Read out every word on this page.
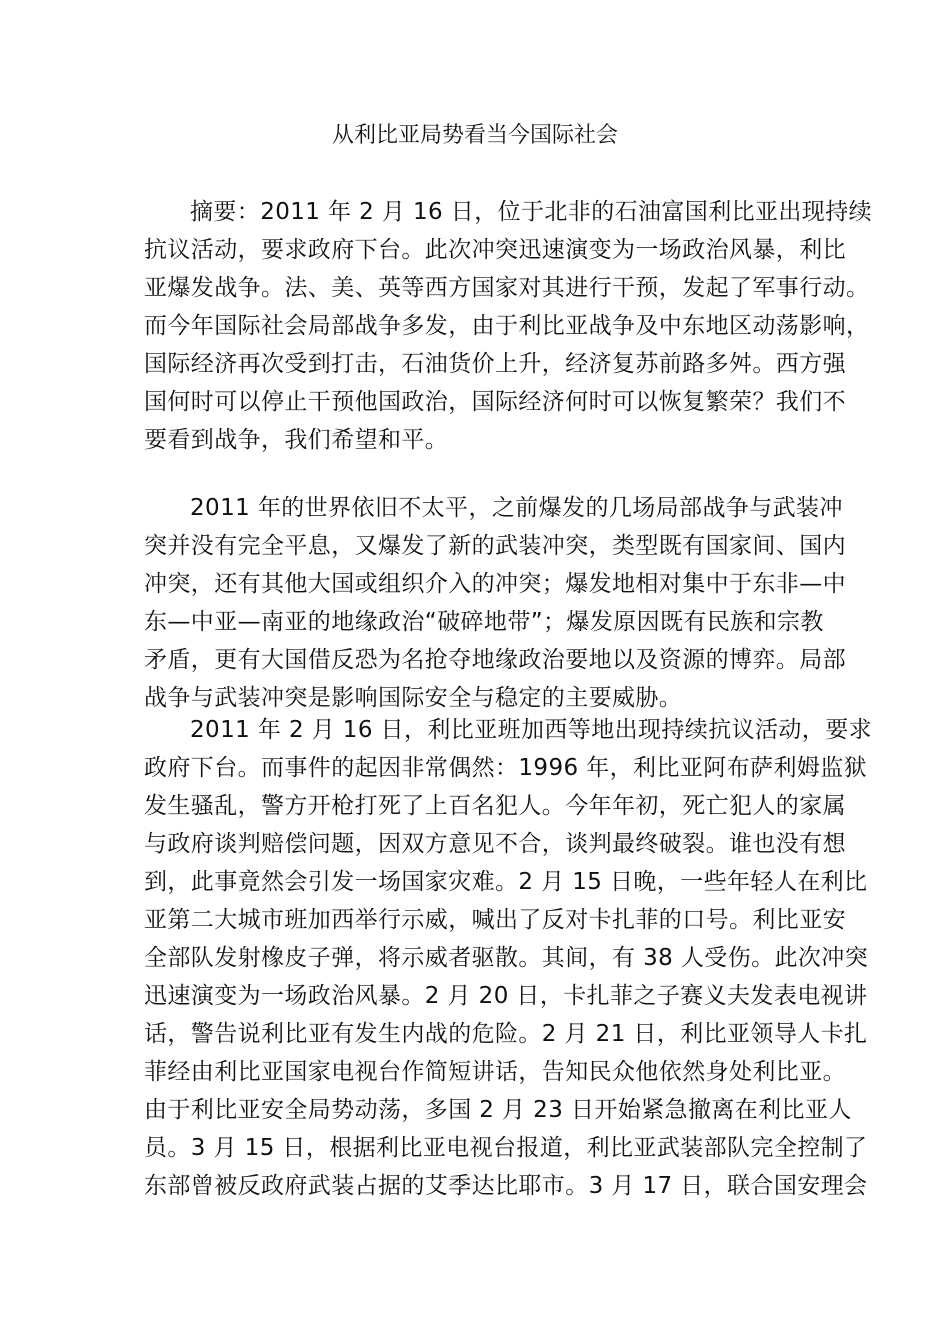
从利比亚局势看当今国际社会
摘要：2011 年 2 月 16 日，位于北非的石油富国利比亚出现持续
抗议活动，要求政府下台。此次冲突迅速演变为一场政治风暴，利比
亚爆发战争。法、美、英等西方国家对其进行干预，发起了军事行动。
而今年国际社会局部战争多发，由于利比亚战争及中东地区动荡影响，
国际经济再次受到打击，石油货价上升，经济复苏前路多舛。西方强
国何时可以停止干预他国政治，国际经济何时可以恢复繁荣？我们不
要看到战争，我们希望和平。
2011 年的世界依旧不太平，之前爆发的几场局部战争与武装冲
突并没有完全平息，又爆发了新的武装冲突，类型既有国家间、国内
冲突，还有其他大国或组织介入的冲突；爆发地相对集中于东非—中
东—中亚—南亚的地缘政治“破碎地带”；爆发原因既有民族和宗教
矛盾，更有大国借反恐为名抢夺地缘政治要地以及资源的博弈。局部
战争与武装冲突是影响国际安全与稳定的主要威胁。
2011 年 2 月 16 日，利比亚班加西等地出现持续抗议活动，要求
政府下台。而事件的起因非常偶然：1996 年，利比亚阿布萨利姆监狱
发生骚乱，警方开枪打死了上百名犯人。今年年初，死亡犯人的家属
与政府谈判赔偿问题，因双方意见不合，谈判最终破裂。谁也没有想
到，此事竟然会引发一场国家灾难。2 月 15 日晚，一些年轻人在利比
亚第二大城市班加西举行示威，喊出了反对卡扎菲的口号。利比亚安
全部队发射橡皮子弹，将示威者驱散。其间，有 38 人受伤。此次冲突
迅速演变为一场政治风暴。2 月 20 日，卡扎菲之子赛义夫发表电视讲
话，警告说利比亚有发生内战的危险。2 月 21 日，利比亚领导人卡扎
菲经由利比亚国家电视台作简短讲话，告知民众他依然身处利比亚。
由于利比亚安全局势动荡，多国 2 月 23 日开始紧急撤离在利比亚人
员。3 月 15 日，根据利比亚电视台报道，利比亚武装部队完全控制了
东部曾被反政府武装占据的艾季达比耶市。3 月 17 日，联合国安理会
